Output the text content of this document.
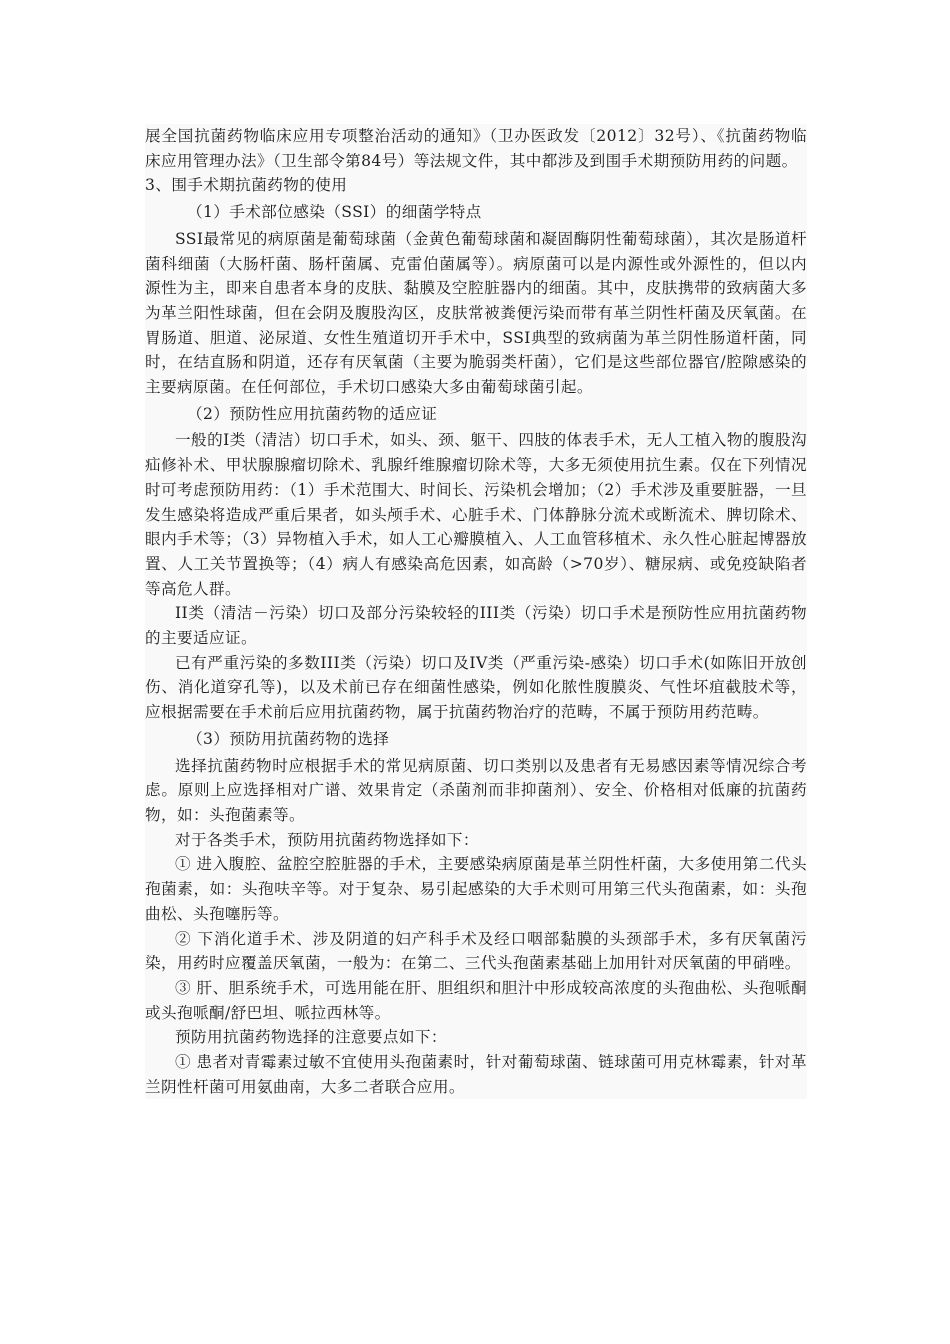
展全国抗菌药物临床应用专项整治活动的通知》（卫办医政发〔2012〕32号）、《抗菌药物临床应用管理办法》（卫生部令第84号）等法规文件，其中都涉及到围手术期预防用药的问题。

3、围手术期抗菌药物的使用

（1）手术部位感染（SSI）的细菌学特点

SSI最常见的病原菌是葡萄球菌（金黄色葡萄球菌和凝固酶阴性葡萄球菌），其次是肠道杆菌科细菌（大肠杆菌、肠杆菌属、克雷伯菌属等）。病原菌可以是内源性或外源性的，但以内源性为主，即来自患者本身的皮肤、黏膜及空腔脏器内的细菌。其中，皮肤携带的致病菌大多为革兰阳性球菌，但在会阴及腹股沟区，皮肤常被粪便污染而带有革兰阴性杆菌及厌氧菌。在胃肠道、胆道、泌尿道、女性生殖道切开手术中，SSI典型的致病菌为革兰阴性肠道杆菌，同时，在结直肠和阴道，还存有厌氧菌（主要为脆弱类杆菌），它们是这些部位器官/腔隙感染的主要病原菌。在任何部位，手术切口感染大多由葡萄球菌引起。

（2）预防性应用抗菌药物的适应证

一般的I类（清洁）切口手术，如头、颈、躯干、四肢的体表手术，无人工植入物的腹股沟疝修补术、甲状腺腺瘤切除术、乳腺纤维腺瘤切除术等，大多无须使用抗生素。仅在下列情况时可考虑预防用药：（1）手术范围大、时间长、污染机会增加；（2）手术涉及重要脏器，一旦发生感染将造成严重后果者，如头颅手术、心脏手术、门体静脉分流术或断流术、脾切除术、眼内手术等；（3）异物植入手术，如人工心瓣膜植入、人工血管移植术、永久性心脏起博器放置、人工关节置换等；（4）病人有感染高危因素，如高龄（>70岁）、糖尿病、或免疫缺陷者等高危人群。

II类（清洁－污染）切口及部分污染较轻的III类（污染）切口手术是预防性应用抗菌药物的主要适应证。

已有严重污染的多数III类（污染）切口及IV类（严重污染-感染）切口手术(如陈旧开放创伤、消化道穿孔等)，以及术前已存在细菌性感染，例如化脓性腹膜炎、气性坏疽截肢术等，应根据需要在手术前后应用抗菌药物，属于抗菌药物治疗的范畴，不属于预防用药范畴。

（3）预防用抗菌药物的选择

选择抗菌药物时应根据手术的常见病原菌、切口类别以及患者有无易感因素等情况综合考虑。原则上应选择相对广谱、效果肯定（杀菌剂而非抑菌剂）、安全、价格相对低廉的抗菌药物，如：头孢菌素等。

对于各类手术，预防用抗菌药物选择如下：

① 进入腹腔、盆腔空腔脏器的手术，主要感染病原菌是革兰阴性杆菌，大多使用第二代头孢菌素，如：头孢呋辛等。对于复杂、易引起感染的大手术则可用第三代头孢菌素，如：头孢曲松、头孢噻肟等。

② 下消化道手术、涉及阴道的妇产科手术及经口咽部黏膜的头颈部手术，多有厌氧菌污染，用药时应覆盖厌氧菌，一般为：在第二、三代头孢菌素基础上加用针对厌氧菌的甲硝唑。

③ 肝、胆系统手术，可选用能在肝、胆组织和胆汁中形成较高浓度的头孢曲松、头孢哌酮或头孢哌酮/舒巴坦、哌拉西林等。

预防用抗菌药物选择的注意要点如下：

① 患者对青霉素过敏不宜使用头孢菌素时，针对葡萄球菌、链球菌可用克林霉素，针对革兰阴性杆菌可用氨曲南，大多二者联合应用。
